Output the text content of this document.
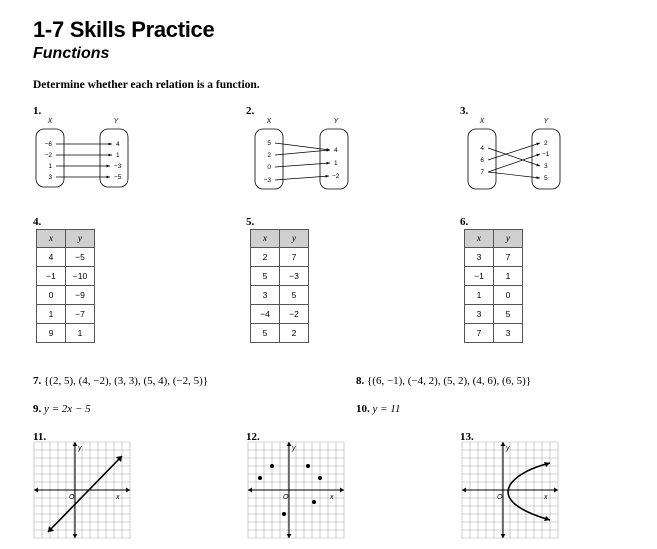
1-7 Skills Practice
Functions
Determine whether each relation is a function.
1.	2.	3.
X	Y
−6
−2
1
3
4
1
−3
−5
X	Y
5
2
0
−3
4
1
−2
X	Y
4
6
7
2
−1
3
5
4.	5.	6.
x	y
4	−5
−1	−10
0	−9
1	−7
9	1
x	y
2	7
5	−3
3	5
−4	−2
5	2
x	y
3	7
−1	1
1	0
3	5
7	3
7. {(2, 5), (4, −2), (3, 3), (5, 4), (−2, 5)}	8. {(6, −1), (−4, 2), (5, 2), (4, 6), (6, 5)}
9. y = 2x − 5	10. y = 11
11.	12.	13.
y
x
O
y
x
O
y
x
O
